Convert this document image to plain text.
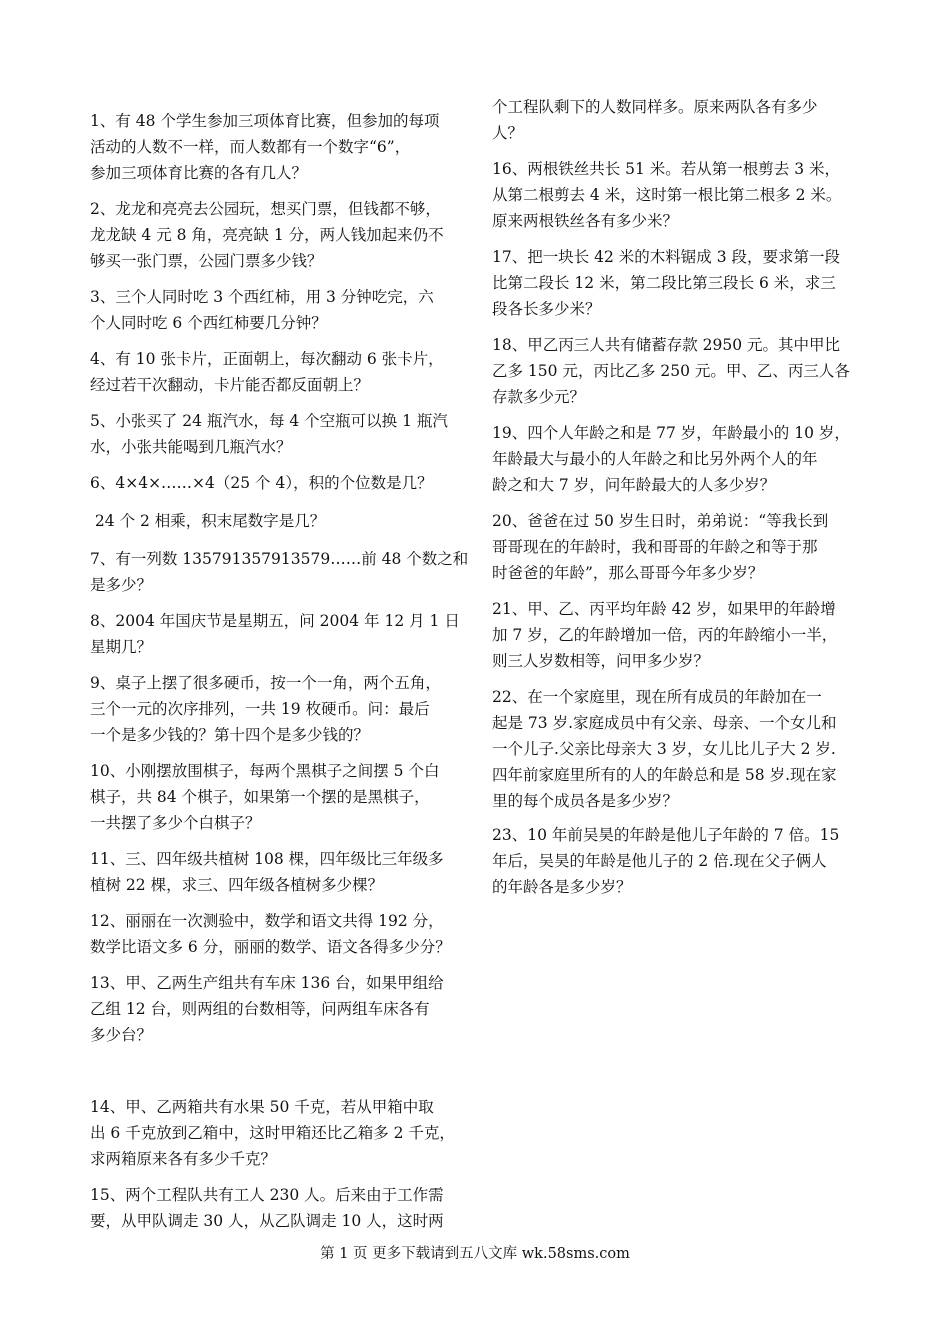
1、有 48 个学生参加三项体育比赛，但参加的每项
活动的人数不一样，而人数都有一个数字“6”，
参加三项体育比赛的各有几人？
2、龙龙和亮亮去公园玩，想买门票，但钱都不够，
龙龙缺 4 元 8 角，亮亮缺 1 分，两人钱加起来仍不
够买一张门票，公园门票多少钱？
3、三个人同时吃 3 个西红柿，用 3 分钟吃完，六
个人同时吃 6 个西红柿要几分钟？
4、有 10 张卡片，正面朝上，每次翻动 6 张卡片，
经过若干次翻动，卡片能否都反面朝上？
5、小张买了 24 瓶汽水，每 4 个空瓶可以换 1 瓶汽
水，小张共能喝到几瓶汽水？
6、4×4×……×4（25 个 4），积的个位数是几？
24 个 2 相乘，积末尾数字是几？
7、有一列数 135791357913579……前 48 个数之和
是多少？
8、2004 年国庆节是星期五，问 2004 年 12 月 1 日
星期几？
9、桌子上摆了很多硬币，按一个一角，两个五角，
三个一元的次序排列，一共 19 枚硬币。问：最后
一个是多少钱的？第十四个是多少钱的？
10、小刚摆放围棋子，每两个黑棋子之间摆 5 个白
棋子，共 84 个棋子，如果第一个摆的是黑棋子，
一共摆了多少个白棋子？
11、三、四年级共植树 108 棵，四年级比三年级多
植树 22 棵，求三、四年级各植树多少棵？
12、丽丽在一次测验中，数学和语文共得 192 分，
数学比语文多 6 分，丽丽的数学、语文各得多少分？
13、甲、乙两生产组共有车床 136 台，如果甲组给
乙组 12 台，则两组的台数相等，问两组车床各有
多少台？
14、甲、乙两箱共有水果 50 千克，若从甲箱中取
出 6 千克放到乙箱中，这时甲箱还比乙箱多 2 千克，
求两箱原来各有多少千克？
15、两个工程队共有工人 230 人。后来由于工作需
要，从甲队调走 30 人，从乙队调走 10 人，这时两
个工程队剩下的人数同样多。原来两队各有多少
人？
16、两根铁丝共长 51 米。若从第一根剪去 3 米，
从第二根剪去 4 米，这时第一根比第二根多 2 米。
原来两根铁丝各有多少米？
17、把一块长 42 米的木料锯成 3 段，要求第一段
比第二段长 12 米，第二段比第三段长 6 米，求三
段各长多少米？
18、甲乙丙三人共有储蓄存款 2950 元。其中甲比
乙多 150 元，丙比乙多 250 元。甲、乙、丙三人各
存款多少元？
19、四个人年龄之和是 77 岁，年龄最小的 10 岁，
年龄最大与最小的人年龄之和比另外两个人的年
龄之和大 7 岁，问年龄最大的人多少岁？
20、爸爸在过 50 岁生日时，弟弟说：“等我长到
哥哥现在的年龄时，我和哥哥的年龄之和等于那
时爸爸的年龄”，那么哥哥今年多少岁？
21、甲、乙、丙平均年龄 42 岁，如果甲的年龄增
加 7 岁，乙的年龄增加一倍，丙的年龄缩小一半，
则三人岁数相等，问甲多少岁？
22、在一个家庭里，现在所有成员的年龄加在一
起是 73 岁.家庭成员中有父亲、母亲、一个女儿和
一个儿子.父亲比母亲大 3 岁，女儿比儿子大 2 岁.
四年前家庭里所有的人的年龄总和是 58 岁.现在家
里的每个成员各是多少岁？
23、10 年前吴昊的年龄是他儿子年龄的 7 倍。15
年后，吴昊的年龄是他儿子的 2 倍.现在父子俩人
的年龄各是多少岁？
第 1 页 更多下载请到五八文库 wk.58sms.com
